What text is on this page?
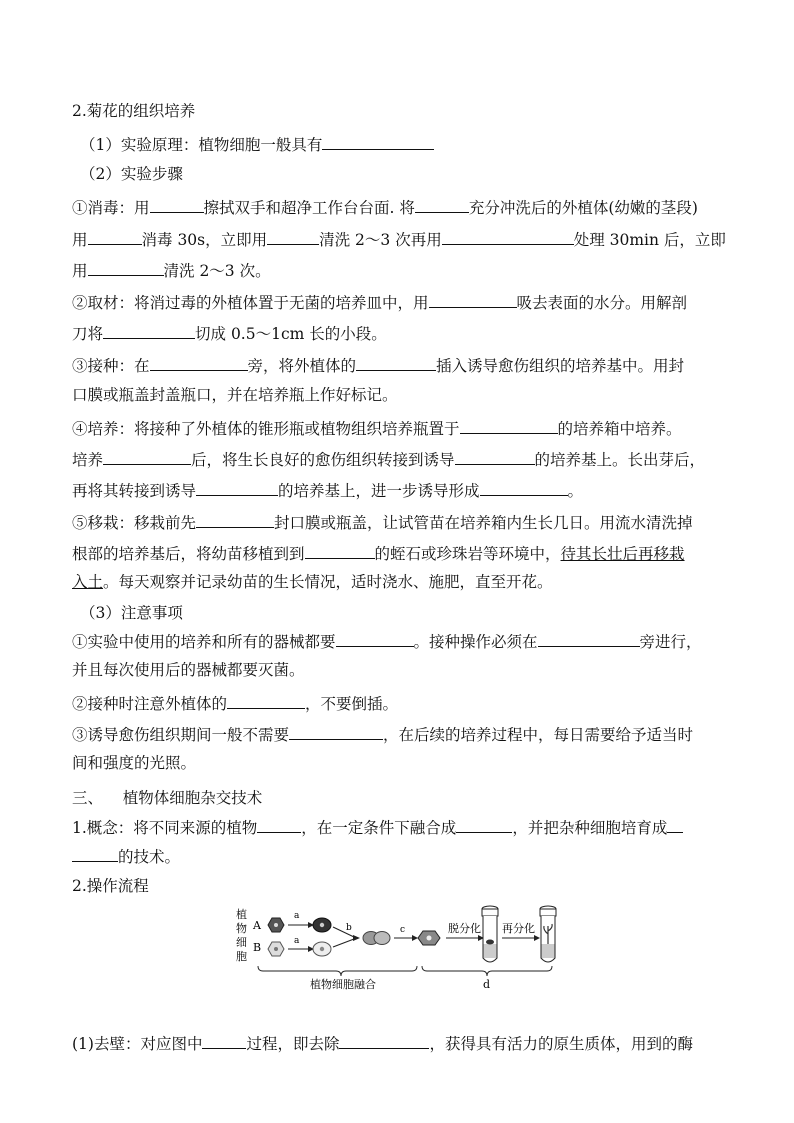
2.菊花的组织培养
（1）实验原理：植物细胞一般具有
（2）实验步骤
①消毒：用	擦拭双手和超净工作台台面. 将	充分冲洗后的外植体(幼嫩的茎段)
用	消毒 30s，立即用	清洗 2～3 次再用	处理 30min 后，立即
用	清洗 2～3 次。
②取材：将消过毒的外植体置于无菌的培养皿中，用	吸去表面的水分。用解剖
刀将	切成 0.5～1cm 长的小段。
③接种：在	旁，将外植体的	插入诱导愈伤组织的培养基中。用封
口膜或瓶盖封盖瓶口，并在培养瓶上作好标记。
④培养：将接种了外植体的锥形瓶或植物组织培养瓶置于	的培养箱中培养。
培养	后，将生长良好的愈伤组织转接到诱导	的培养基上。长出芽后，
再将其转接到诱导	的培养基上，进一步诱导形成	。
⑤移栽：移栽前先	封口膜或瓶盖，让试管苗在培养箱内生长几日。用流水清洗掉
根部的培养基后，将幼苗移植到到	的蛭石或珍珠岩等环境中，待其长壮后再移栽
入土。每天观察并记录幼苗的生长情况，适时浇水、施肥，直至开花。
（3）注意事项
①实验中使用的培养和所有的器械都要	。接种操作必须在	旁进行，
并且每次使用后的器械都要灭菌。
②接种时注意外植体的	，不要倒插。
③诱导愈伤组织期间一般不需要	，在后续的培养过程中，每日需要给予适当时
间和强度的光照。
三、    植物体细胞杂交技术
1.概念：将不同来源的植物	，在一定条件下融合成	，并把杂种细胞培育成
的技术。
2.操作流程
植
物
细
胞
A
B
a
a
b	c	脱分化 再分化
植物细胞融合	d
(1)去壁：对应图中	过程，即去除	，获得具有活力的原生质体，用到的酶
